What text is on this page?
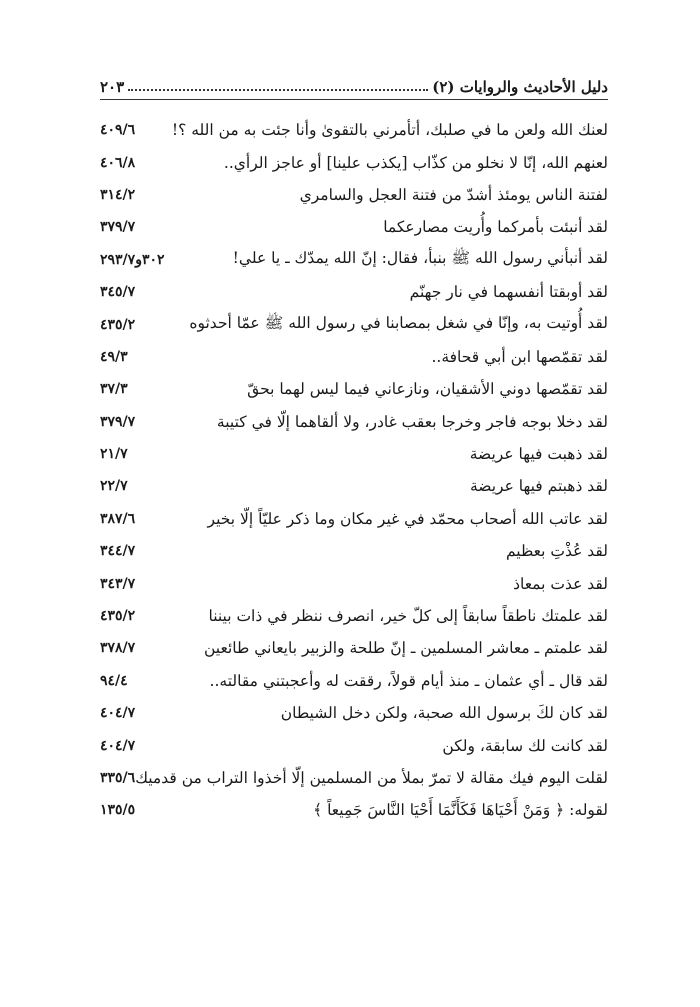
دليل الأحاديث والروايات (٢)
٢٠٣
لعنك الله ولعن ما في صلبك، أتأمرني بالتقوىٰ وأنا جئت به من الله ؟!
٤٠٩/٦
لعنهم الله، إنّا لا نخلو من كذّاب [يكذب علينا] أو عاجز الرأي..
٤٠٦/٨
لفتنة الناس يومئذ أشدّ من فتنة العجل والسامري
٣١٤/٢
لقد أنبئت بأمركما وأُريت مصارعكما
٣٧٩/٧
لقد أنبأني رسول الله ﷺ بنبأ، فقال: إنّ الله يمدّك ـ يا علي!
٣٠٢و٢٩٣/٧
لقد أوبقتا أنفسهما في نار جهنّم
٣٤٥/٧
لقد أُوتيت به، وإنّا في شغل بمصابنا في رسول الله ﷺ عمّا أحدثوه
٤٣٥/٢
لقد تقمّصها ابن أبي قحافة..
٤٩/٣
لقد تقمّصها دوني الأشقيان، ونازعاني فيما ليس لهما بحقّ
٣٧/٣
لقد دخلا بوجه فاجر وخرجا بعقب غادر، ولا ألقاهما إلّا في كتيبة
٣٧٩/٧
لقد ذهبت فيها عريضة
٢١/٧
لقد ذهبتم فيها عريضة
٢٢/٧
لقد عاتب الله أصحاب محمّد في غير مكان وما ذكر عليّاً إلّا بخير
٣٨٧/٦
لقد عُذْتِ بعظيم
٣٤٤/٧
لقد عذت بمعاذ
٣٤٣/٧
لقد علمتك ناطقاً سابقاً إلى كلّ خير، انصرف ننظر في ذات بيننا
٤٣٥/٢
لقد علمتم ـ معاشر المسلمين ـ إنّ طلحة والزبير بايعاني طائعين
٣٧٨/٧
لقد قال ـ أي عثمان ـ منذ أيام قولاً، رققت له وأعجبتني مقالته..
٩٤/٤
لقد كان لكَ برسول الله صحبة، ولكن دخل الشيطان
٤٠٤/٧
لقد كانت لك سابقة، ولكن
٤٠٤/٧
لقلت اليوم فيك مقالة لا تمرّ بملأ من المسلمين إلّا أخذوا التراب من قدميك
٣٣٥/٦
لقوله: ﴿ وَمَنْ أَحْيَاهَا فَكَأَنَّمَا أَحْيَا النَّاسَ جَمِيعاً ﴾
١٣٥/٥
